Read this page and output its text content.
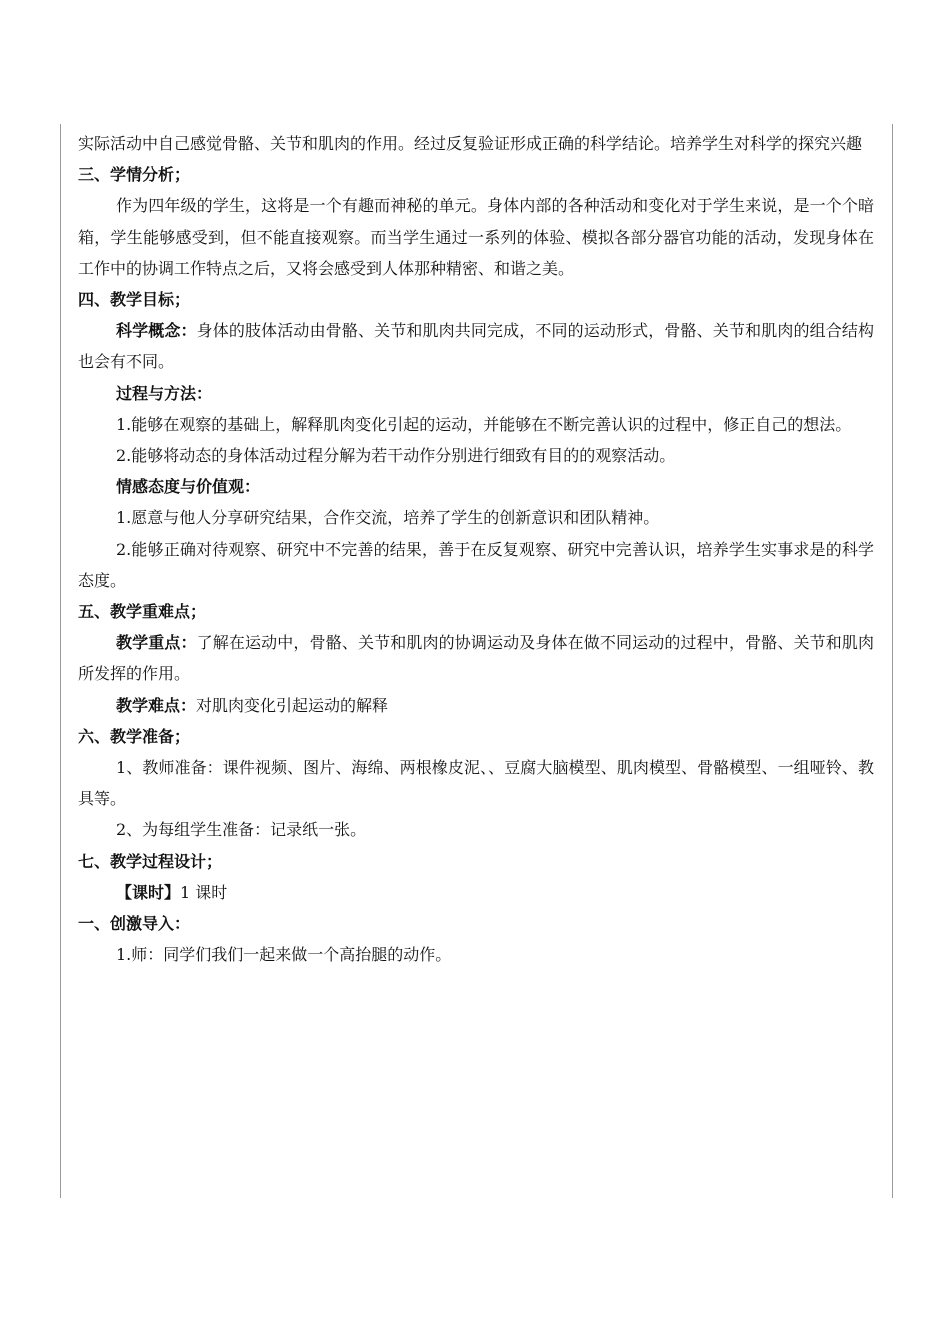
实际活动中自己感觉骨骼、关节和肌肉的作用。经过反复验证形成正确的科学结论。培养学生对科学的探究兴趣

三、学情分析；

作为四年级的学生，这将是一个有趣而神秘的单元。身体内部的各种活动和变化对于学生来说，是一个个暗箱，学生能够感受到，但不能直接观察。而当学生通过一系列的体验、模拟各部分器官功能的活动，发现身体在工作中的协调工作特点之后，又将会感受到人体那种精密、和谐之美。

四、教学目标；

科学概念：身体的肢体活动由骨骼、关节和肌肉共同完成，不同的运动形式，骨骼、关节和肌肉的组合结构也会有不同。

过程与方法：

1.能够在观察的基础上，解释肌肉变化引起的运动，并能够在不断完善认识的过程中，修正自己的想法。

2.能够将动态的身体活动过程分解为若干动作分别进行细致有目的的观察活动。

情感态度与价值观：

1.愿意与他人分享研究结果，合作交流，培养了学生的创新意识和团队精神。

2.能够正确对待观察、研究中不完善的结果，善于在反复观察、研究中完善认识，培养学生实事求是的科学态度。

五、教学重难点；

教学重点：了解在运动中，骨骼、关节和肌肉的协调运动及身体在做不同运动的过程中，骨骼、关节和肌肉所发挥的作用。

教学难点：对肌肉变化引起运动的解释

六、教学准备；

1、教师准备：课件视频、图片、海绵、两根橡皮泥、、豆腐大脑模型、肌肉模型、骨骼模型、一组哑铃、教具等。

2、为每组学生准备：记录纸一张。

七、教学过程设计；

【课时】1 课时

一、创激导入：

1.师：同学们我们一起来做一个高抬腿的动作。
